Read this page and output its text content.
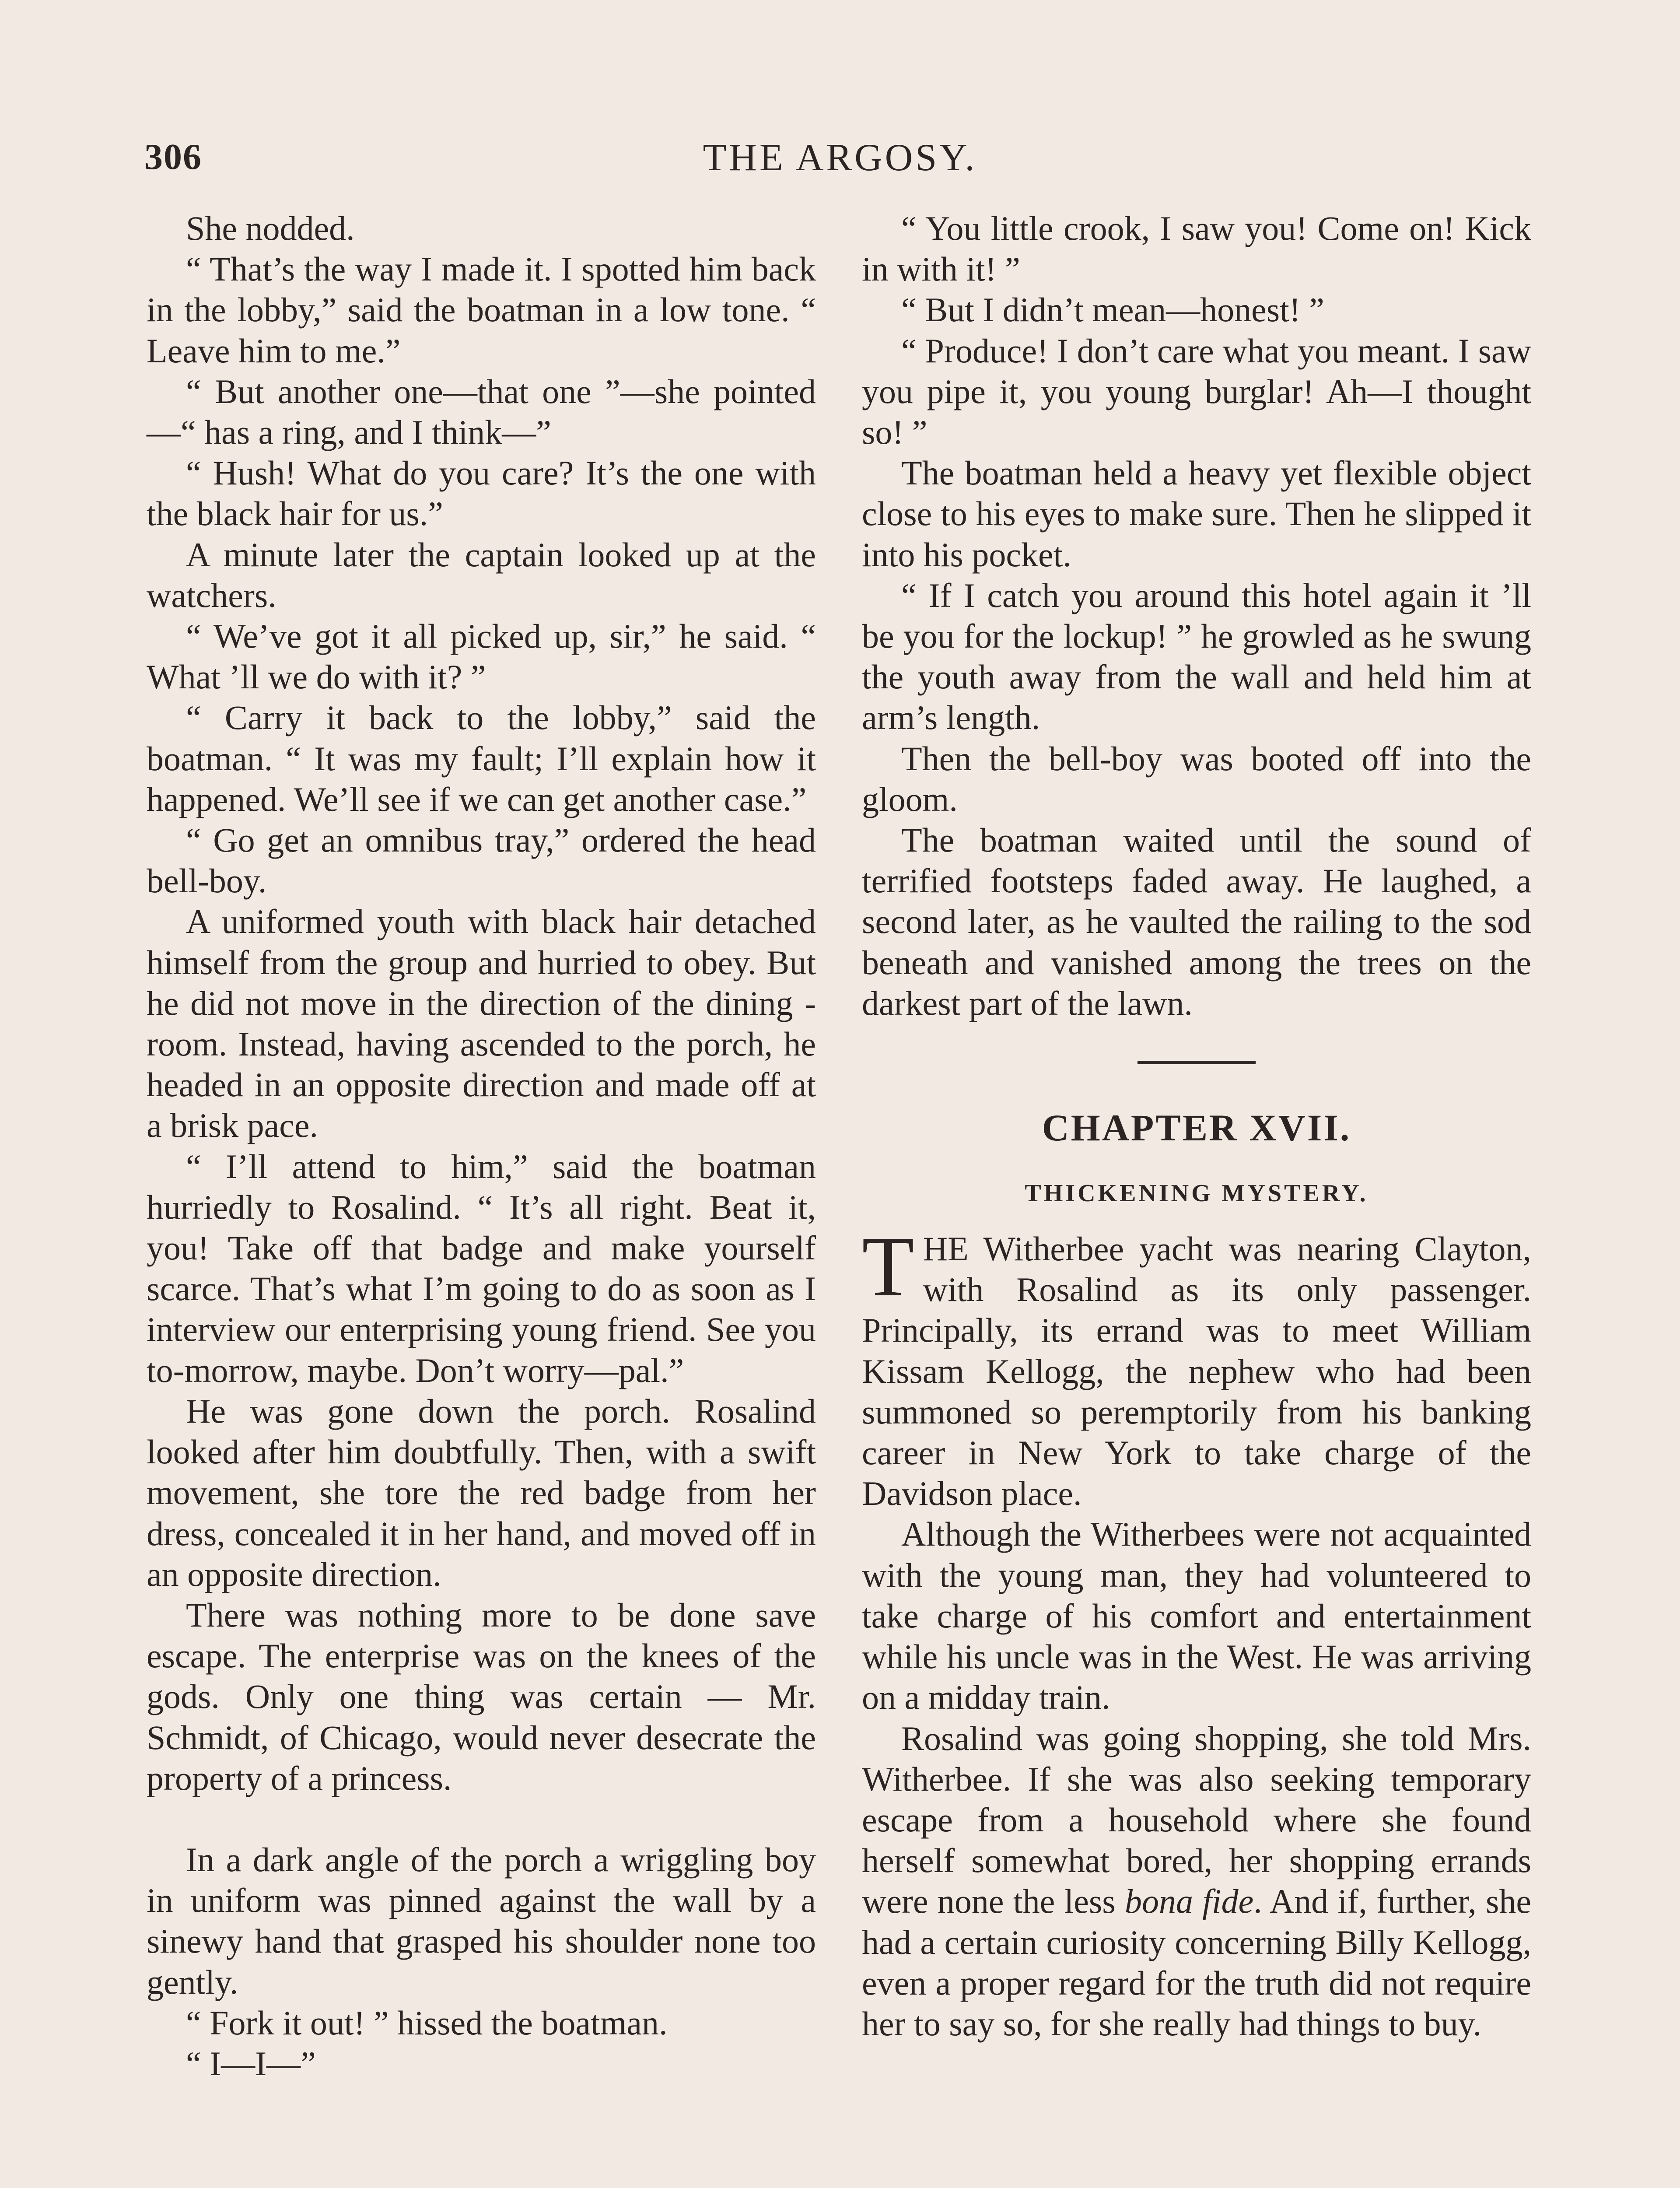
306	THE ARGOSY.

She nodded.

“ That’s the way I made it. I spotted him back in the lobby,” said the boatman in a low tone. “ Leave him to me.”

“ But another one—that one ”—she pointed—“ has a ring, and I think—”

“ Hush! What do you care? It’s the one with the black hair for us.”

A minute later the captain looked up at the watchers.

“ We’ve got it all picked up, sir,” he said. “ What ’ll we do with it? ”

“ Carry it back to the lobby,” said the boatman. “ It was my fault; I’ll explain how it happened. We’ll see if we can get another case.”

“ Go get an omnibus tray,” ordered the head bell-boy.

A uniformed youth with black hair detached himself from the group and hurried to obey. But he did not move in the direction of the dining - room. Instead, having ascended to the porch, he headed in an opposite direction and made off at a brisk pace.

“ I’ll attend to him,” said the boatman hurriedly to Rosalind. “ It’s all right. Beat it, you! Take off that badge and make yourself scarce. That’s what I’m going to do as soon as I interview our enterprising young friend. See you to-morrow, maybe. Don’t worry—pal.”

He was gone down the porch. Rosalind looked after him doubtfully. Then, with a swift movement, she tore the red badge from her dress, concealed it in her hand, and moved off in an opposite direction.

There was nothing more to be done save escape. The enterprise was on the knees of the gods. Only one thing was certain — Mr. Schmidt, of Chicago, would never desecrate the property of a princess.

In a dark angle of the porch a wriggling boy in uniform was pinned against the wall by a sinewy hand that grasped his shoulder none too gently.

“ Fork it out! ” hissed the boatman.

“ I—I—”

“ You little crook, I saw you! Come on! Kick in with it! ”

“ But I didn’t mean—honest! ”

“ Produce! I don’t care what you meant. I saw you pipe it, you young burglar! Ah—I thought so! ”

The boatman held a heavy yet flexible object close to his eyes to make sure. Then he slipped it into his pocket.

“ If I catch you around this hotel again it ’ll be you for the lockup! ” he growled as he swung the youth away from the wall and held him at arm’s length.

Then the bell-boy was booted off into the gloom.

The boatman waited until the sound of terrified footsteps faded away. He laughed, a second later, as he vaulted the railing to the sod beneath and vanished among the trees on the darkest part of the lawn.

CHAPTER XVII.
THICKENING MYSTERY.

THE Witherbee yacht was nearing Clayton, with Rosalind as its only passenger. Principally, its errand was to meet William Kissam Kellogg, the nephew who had been summoned so peremptorily from his banking career in New York to take charge of the Davidson place.

Although the Witherbees were not acquainted with the young man, they had volunteered to take charge of his comfort and entertainment while his uncle was in the West. He was arriving on a midday train.

Rosalind was going shopping, she told Mrs. Witherbee. If she was also seeking temporary escape from a household where she found herself somewhat bored, her shopping errands were none the less bona fide. And if, further, she had a certain curiosity concerning Billy Kellogg, even a proper regard for the truth did not require her to say so, for she really had things to buy.
